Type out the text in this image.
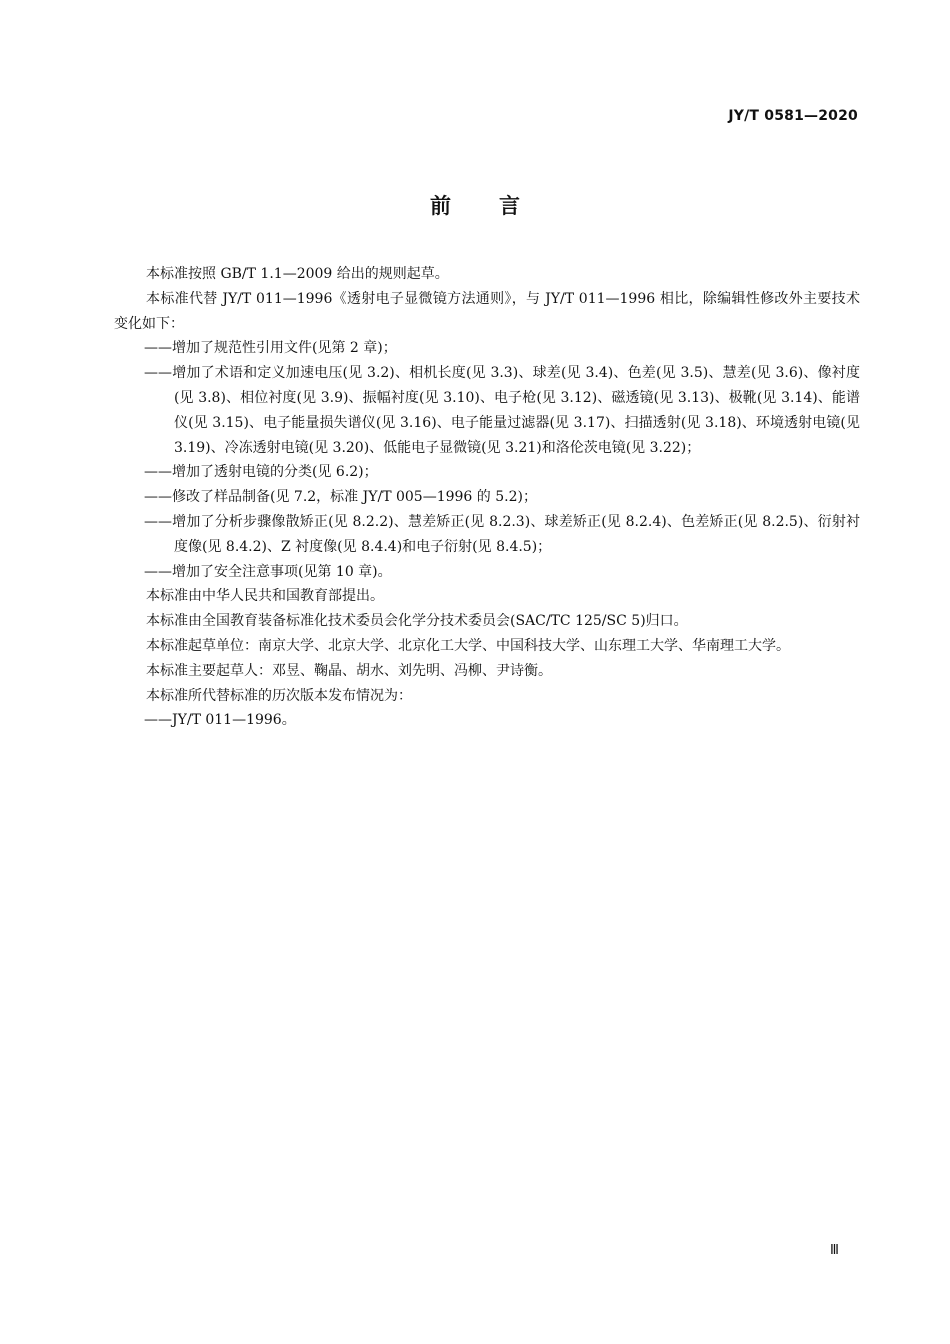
JY/T 0581—2020
前言

本标准按照 GB/T 1.1—2009 给出的规则起草。

本标准代替 JY/T 011—1996《透射电子显微镜方法通则》，与 JY/T 011—1996 相比，除编辑性修改外主要技术变化如下：

——增加了规范性引用文件(见第 2 章)；

——增加了术语和定义加速电压(见 3.2)、相机长度(见 3.3)、球差(见 3.4)、色差(见 3.5)、慧差(见 3.6)、像衬度(见 3.8)、相位衬度(见 3.9)、振幅衬度(见 3.10)、电子枪(见 3.12)、磁透镜(见 3.13)、极靴(见 3.14)、能谱仪(见 3.15)、电子能量损失谱仪(见 3.16)、电子能量过滤器(见 3.17)、扫描透射(见 3.18)、环境透射电镜(见 3.19)、冷冻透射电镜(见 3.20)、低能电子显微镜(见 3.21)和洛伦茨电镜(见 3.22)；

——增加了透射电镜的分类(见 6.2)；

——修改了样品制备(见 7.2，标准 JY/T 005—1996 的 5.2)；

——增加了分析步骤像散矫正(见 8.2.2)、慧差矫正(见 8.2.3)、球差矫正(见 8.2.4)、色差矫正(见 8.2.5)、衍射衬度像(见 8.4.2)、Z 衬度像(见 8.4.4)和电子衍射(见 8.4.5)；

——增加了安全注意事项(见第 10 章)。

本标准由中华人民共和国教育部提出。

本标准由全国教育装备标准化技术委员会化学分技术委员会(SAC/TC 125/SC 5)归口。

本标准起草单位：南京大学、北京大学、北京化工大学、中国科技大学、山东理工大学、华南理工大学。

本标准主要起草人：邓昱、鞠晶、胡水、刘先明、冯柳、尹诗衡。

本标准所代替标准的历次版本发布情况为：

——JY/T 011—1996。

Ⅲ
